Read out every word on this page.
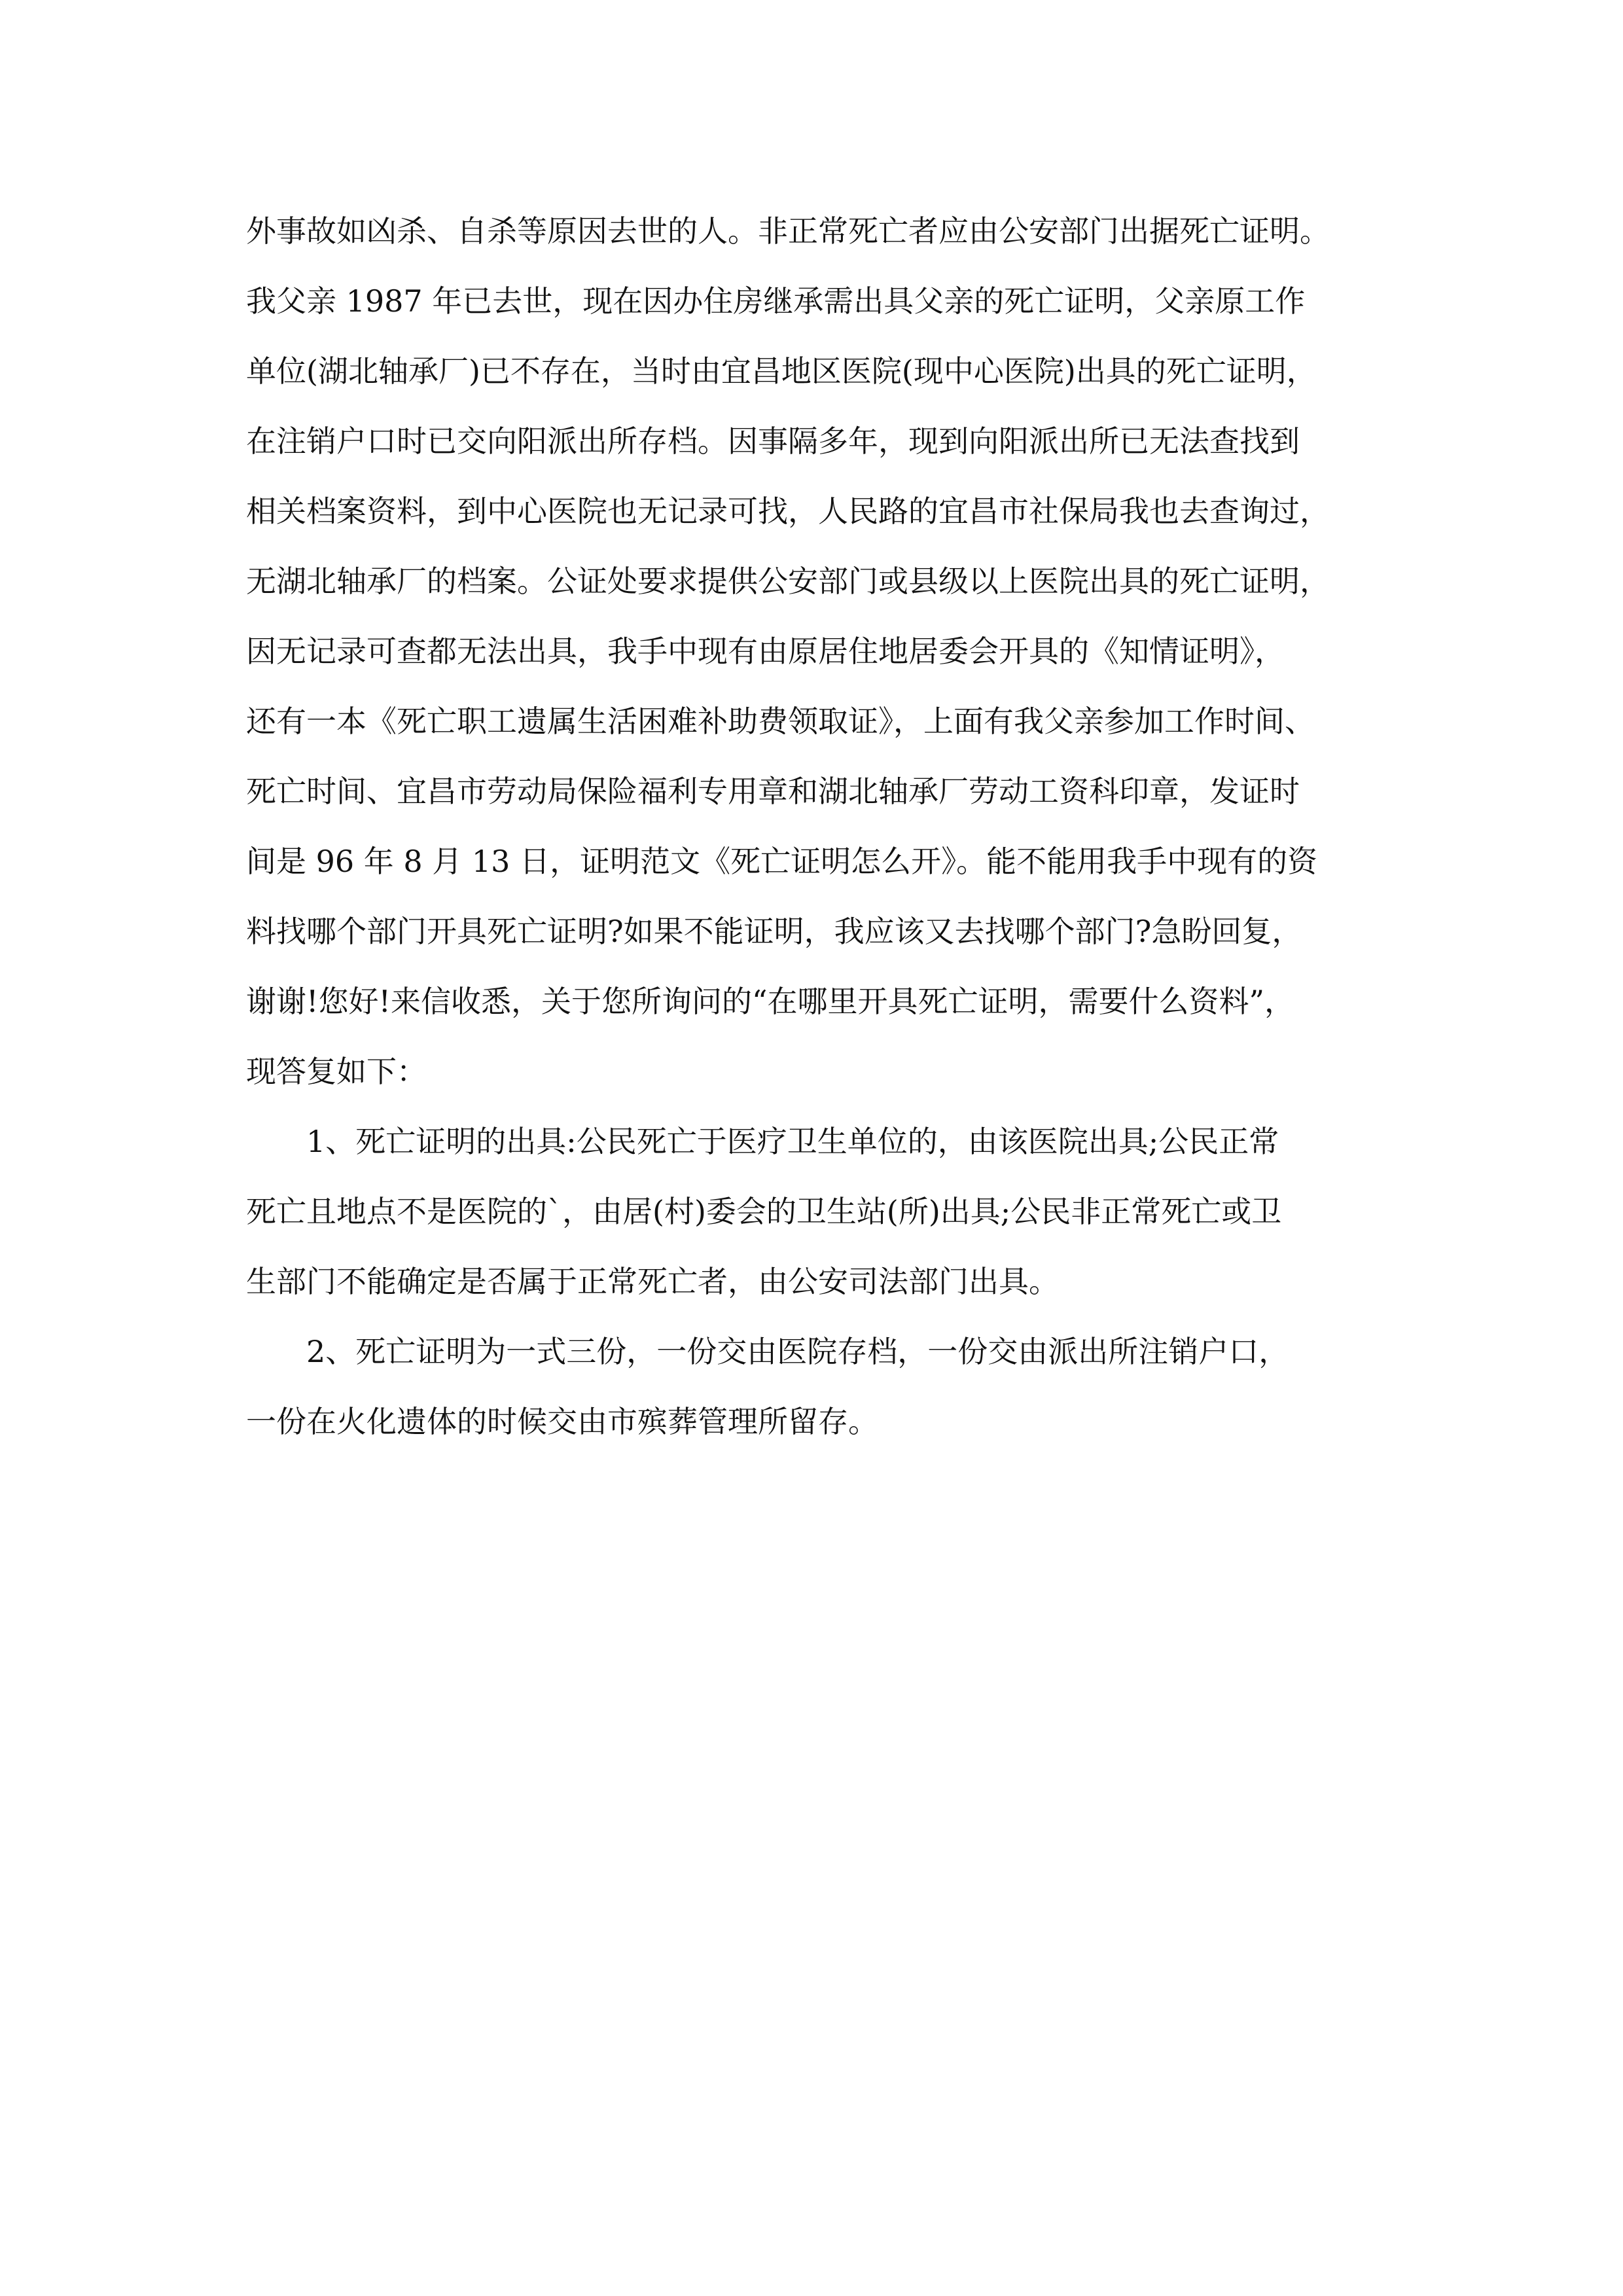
外事故如凶杀、自杀等原因去世的人。非正常死亡者应由公安部门出据死亡证明。
我父亲 1987 年已去世，现在因办住房继承需出具父亲的死亡证明，父亲原工作
单位(湖北轴承厂)已不存在，当时由宜昌地区医院(现中心医院)出具的死亡证明，
在注销户口时已交向阳派出所存档。因事隔多年，现到向阳派出所已无法查找到
相关档案资料，到中心医院也无记录可找，人民路的宜昌市社保局我也去查询过，
无湖北轴承厂的档案。公证处要求提供公安部门或县级以上医院出具的死亡证明，
因无记录可查都无法出具，我手中现有由原居住地居委会开具的《知情证明》，
还有一本《死亡职工遗属生活困难补助费领取证》，上面有我父亲参加工作时间、
死亡时间、宜昌市劳动局保险福利专用章和湖北轴承厂劳动工资科印章，发证时
间是 96 年 8 月 13 日，证明范文《死亡证明怎么开》。能不能用我手中现有的资
料找哪个部门开具死亡证明?如果不能证明，我应该又去找哪个部门?急盼回复，
谢谢!您好!来信收悉，关于您所询问的“在哪里开具死亡证明，需要什么资料”，
现答复如下：
1、死亡证明的出具:公民死亡于医疗卫生单位的，由该医院出具;公民正常
死亡且地点不是医院的`，由居(村)委会的卫生站(所)出具;公民非正常死亡或卫
生部门不能确定是否属于正常死亡者，由公安司法部门出具。
2、死亡证明为一式三份，一份交由医院存档，一份交由派出所注销户口，
一份在火化遗体的时候交由市殡葬管理所留存。
